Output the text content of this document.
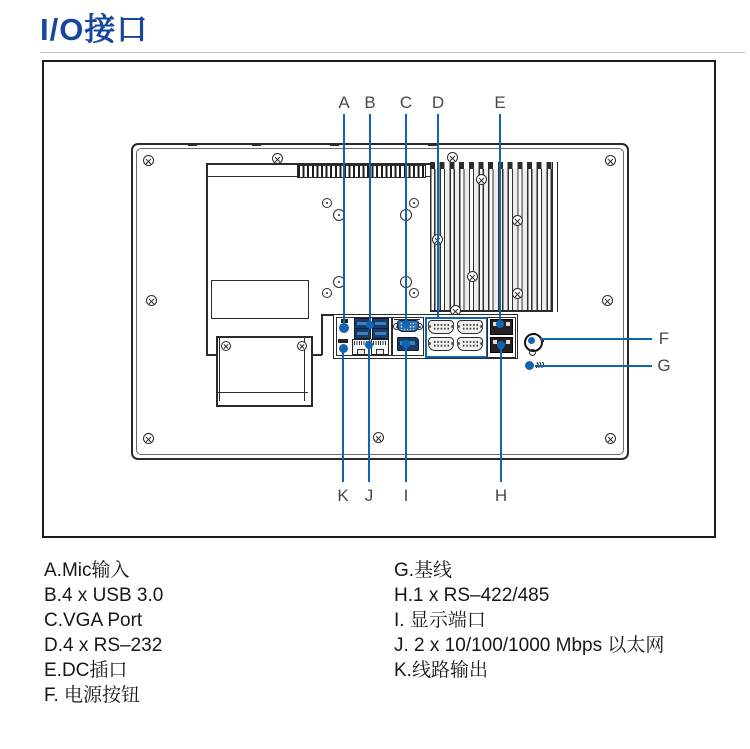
I/O接口
A B	C	D	E
K J	I	H
F
G
A.Mic输入
B.4 x USB 3.0
C.VGA Port
D.4 x RS–232
E.DC插口
F. 电源按钮
G.基线
H.1 x RS–422/485
I. 显示端口
J. 2 x 10/100/1000 Mbps 以太网
K.线路输出
